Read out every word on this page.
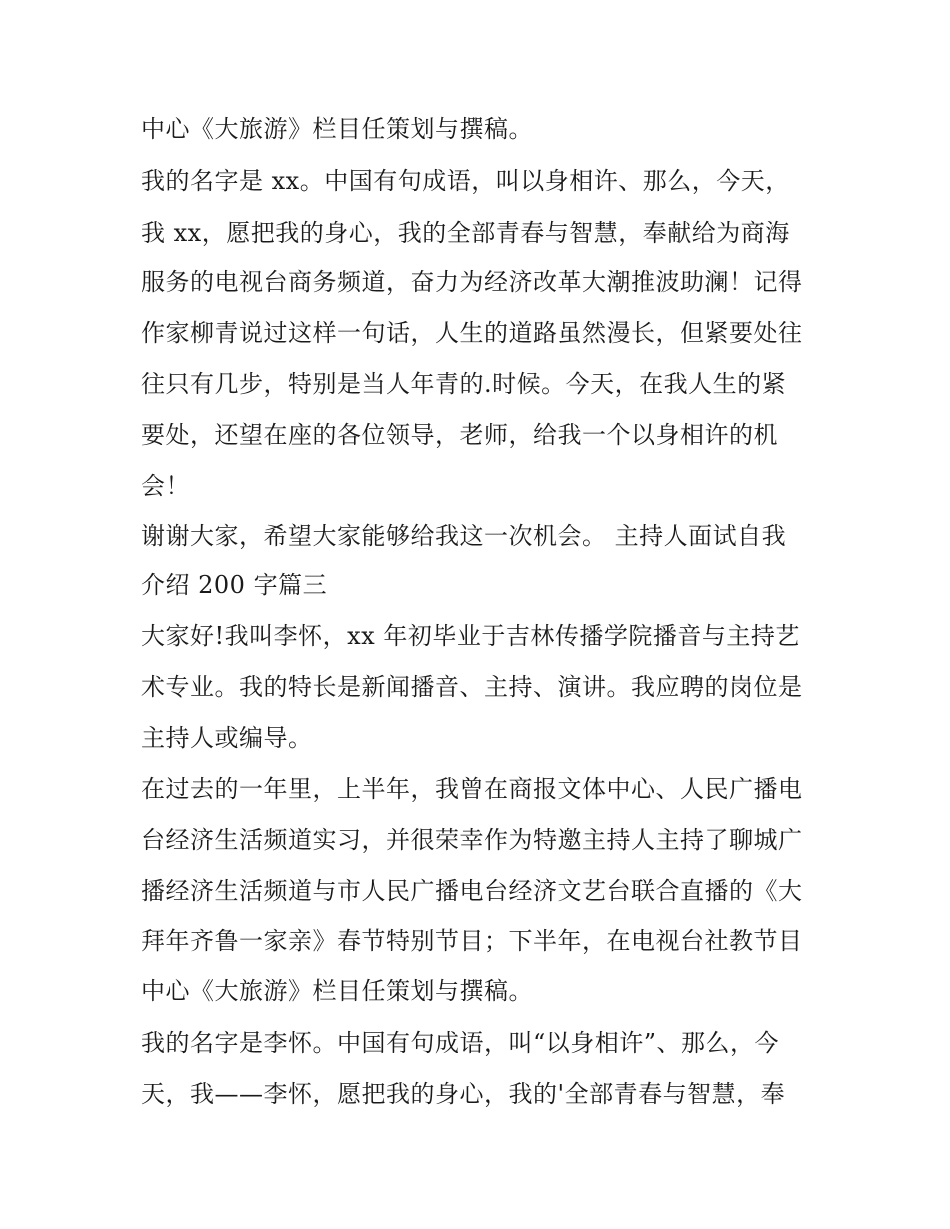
中心《大旅游》栏目任策划与撰稿。
我的名字是 xx。中国有句成语，叫以身相许、那么，今天，
我 xx，愿把我的身心，我的全部青春与智慧，奉献给为商海
服务的电视台商务频道，奋力为经济改革大潮推波助澜！记得
作家柳青说过这样一句话，人生的道路虽然漫长，但紧要处往
往只有几步，特别是当人年青的.时候。今天，在我人生的紧
要处，还望在座的各位领导，老师，给我一个以身相许的机
会！
谢谢大家，希望大家能够给我这一次机会。 主持人面试自我
介绍 200 字篇三
大家好!我叫李怀，xx 年初毕业于吉林传播学院播音与主持艺
术专业。我的特长是新闻播音、主持、演讲。我应聘的岗位是
主持人或编导。
在过去的一年里，上半年，我曾在商报文体中心、人民广播电
台经济生活频道实习，并很荣幸作为特邀主持人主持了聊城广
播经济生活频道与市人民广播电台经济文艺台联合直播的《大
拜年齐鲁一家亲》春节特别节目；下半年，在电视台社教节目
中心《大旅游》栏目任策划与撰稿。
我的名字是李怀。中国有句成语，叫“以身相许”、那么，今
天，我——李怀，愿把我的身心，我的'全部青春与智慧，奉
